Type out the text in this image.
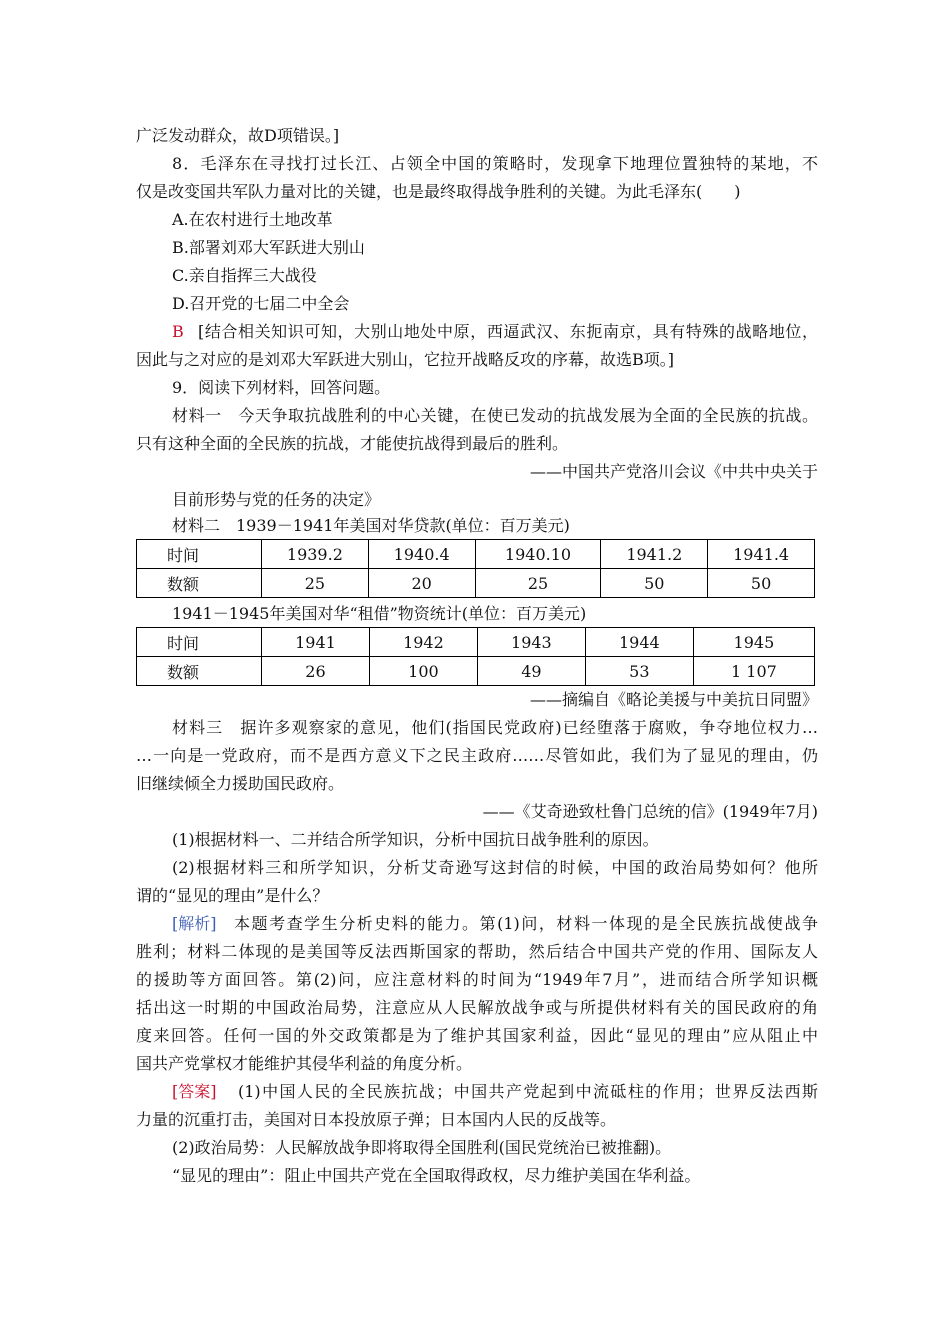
广泛发动群众，故D项错误。]
8．毛泽东在寻找打过长江、占领全中国的策略时，发现拿下地理位置独特的某地，不
仅是改变国共军队力量对比的关键，也是最终取得战争胜利的关键。为此毛泽东(　　)
A.在农村进行土地改革
B.部署刘邓大军跃进大别山
C.亲自指挥三大战役
D.召开党的七届二中全会
B [结合相关知识可知，大别山地处中原，西逼武汉、东扼南京，具有特殊的战略地位，
因此与之对应的是刘邓大军跃进大别山，它拉开战略反攻的序幕，故选B项。]
9．阅读下列材料，回答问题。
材料一　今天争取抗战胜利的中心关键，在使已发动的抗战发展为全面的全民族的抗战。
只有这种全面的全民族的抗战，才能使抗战得到最后的胜利。
——中国共产党洛川会议《中共中央关于
目前形势与党的任务的决定》
材料二　1939－1941年美国对华贷款(单位：百万美元)
时间	1939.2	1940.4	1940.10	1941.2	1941.4
数额	25	20	25	50	50
1941－1945年美国对华“租借”物资统计(单位：百万美元)
时间	1941	1942	1943	1944	1945
数额	26	100	49	53	1 107
——摘编自《略论美援与中美抗日同盟》
材料三　据许多观察家的意见，他们(指国民党政府)已经堕落于腐败，争夺地位权力…
…一向是一党政府，而不是西方意义下之民主政府……尽管如此，我们为了显见的理由，仍
旧继续倾全力援助国民政府。
——《艾奇逊致杜鲁门总统的信》(1949年7月)
(1)根据材料一、二并结合所学知识，分析中国抗日战争胜利的原因。
(2)根据材料三和所学知识，分析艾奇逊写这封信的时候，中国的政治局势如何？他所
谓的“显见的理由”是什么？
[解析] 本题考查学生分析史料的能力。第(1)问，材料一体现的是全民族抗战使战争
胜利；材料二体现的是美国等反法西斯国家的帮助，然后结合中国共产党的作用、国际友人
的援助等方面回答。第(2)问，应注意材料的时间为“1949年7月”，进而结合所学知识概
括出这一时期的中国政治局势，注意应从人民解放战争或与所提供材料有关的国民政府的角
度来回答。任何一国的外交政策都是为了维护其国家利益，因此“显见的理由”应从阻止中
国共产党掌权才能维护其侵华利益的角度分析。
[答案] (1)中国人民的全民族抗战；中国共产党起到中流砥柱的作用；世界反法西斯
力量的沉重打击，美国对日本投放原子弹；日本国内人民的反战等。
(2)政治局势：人民解放战争即将取得全国胜利(国民党统治已被推翻)。
“显见的理由”：阻止中国共产党在全国取得政权，尽力维护美国在华利益。
